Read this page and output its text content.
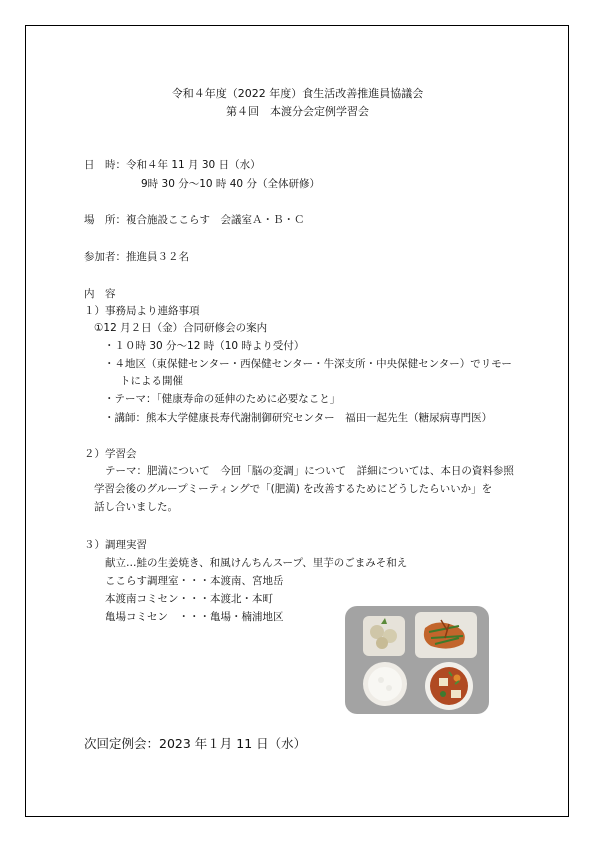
令和４年度（2022 年度）食生活改善推進員協議会
第４回　本渡分会定例学習会
日　時：令和４年 11 月 30 日（水）
9時 30 分～10 時 40 分（全体研修）
場　所：複合施設ここらす　会議室Ａ・Ｂ・Ｃ
参加者：推進員３２名
内　容
１）事務局より連絡事項
①12 月２日（金）合同研修会の案内
・１０時 30 分～12 時（10 時より受付）
・４地区（東保健センター・西保健センター・牛深支所・中央保健センター）でリモー
トによる開催
・テーマ：「健康寿命の延伸のために必要なこと」
・講師：熊本大学健康長寿代謝制御研究センター　福田一起先生（糖尿病専門医）
２）学習会
テーマ：肥満について　今回「脳の変調」について　詳細については、本日の資料参照
学習会後のグループミーティングで「(肥満) を改善するためにどうしたらいいか」を
話し合いました。
３）調理実習
献立…鮭の生姜焼き、和風けんちんスープ、里芋のごまみそ和え
ここらす調理室・・・本渡南、宮地岳
本渡南コミセン・・・本渡北・本町
亀場コミセン　・・・亀場・楠浦地区
次回定例会：2023 年１月 11 日（水）
